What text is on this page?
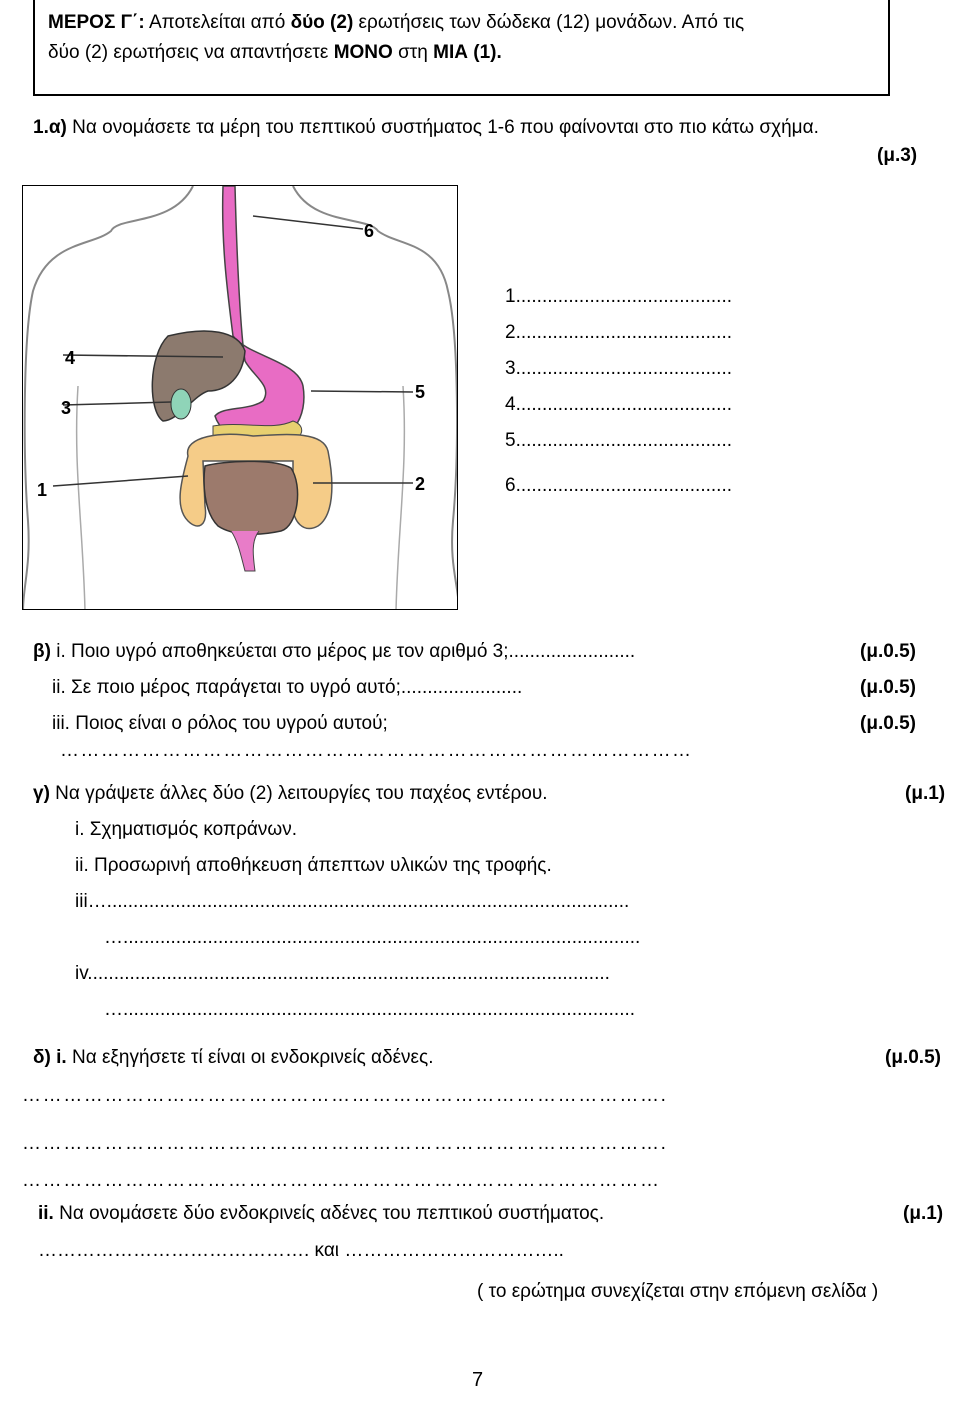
ΜΕΡΟΣ Γ΄: Αποτελείται από δύο (2) ερωτήσεις των δώδεκα (12) μονάδων. Από τις
δύο (2) ερωτήσεις να απαντήσετε ΜΟΝΟ στη ΜΙΑ (1).
1.α) Να ονομάσετε τα μέρη του πεπτικού συστήματος 1-6 που φαίνονται στο πιο κάτω σχήμα.
(μ.3)
6
4
3
5
1	2
1.........................................
2.........................................
3.........................................
4.........................................
5.........................................
6.........................................
β) i. Ποιο υγρό αποθηκεύεται στο μέρος με τον αριθμό 3;........................	(μ.0.5)
ii. Σε ποιο μέρος παράγεται το υγρό αυτό;.......................	(μ.0.5)
iii. Ποιος είναι ο ρόλος του υγρού αυτού;	(μ.0.5)
…………………………………………………………………………………
γ) Να γράψετε άλλες δύο (2) λειτουργίες του παχέος εντέρου.	(μ.1)
i. Σχηματισμός κοπράνων.
ii. Προσωρινή αποθήκευση άπεπτων υλικών της τροφής.
iii…...................................................................................................
…..................................................................................................
iv...................................................................................................
….................................................................................................
δ) i. Να εξηγήσετε τί είναι οι ενδοκρινείς αδένες.	(μ.0.5)
………………………………………………………………………………….
………………………………………………………………………………….
…………………………………………………………………………………
ii. Να ονομάσετε δύο ενδοκρινείς αδένες του πεπτικού συστήματος.	(μ.1)
……………………………………. και ……………………………..
( το ερώτημα συνεχίζεται στην επόμενη σελίδα )
7
